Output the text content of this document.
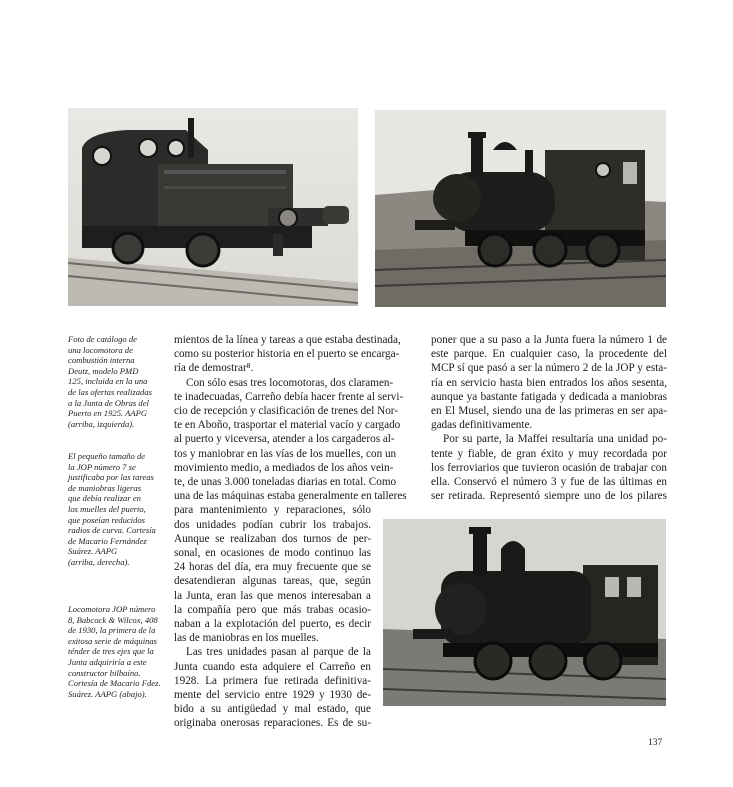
Foto de catálogo de

una locomotora de

combustión interna

Deutz, modelo PMD

125, incluida en la una

de las ofertas realizadas

a la Junta de Obras del

Puerto en 1925. AAPG

(arriba, izquierda).

El pequeño tamaño de

la JOP número 7 se

justificaba por las tareas

de maniobras ligeras

que debía realizar en

los muelles del puerto,

que poseían reducidos

radios de curva. Cortesía

de Macario Fernández

Suárez. AAPG

(arriba, derecha).

Locomotora JOP número

8, Babcock & Wilcox, 408

de 1930, la primera de la

exitosa serie de máquinas

ténder de tres ejes que la

Junta adquiriría a este

constructor bilbaíno.

Cortesía de Macario Fdez.

Suárez. AAPG (abajo).

mientos de la línea y tareas a que estaba destinada,
como su posterior historia en el puerto se encarga-
ría de demostrar⁸.
Con sólo esas tres locomotoras, dos claramen-
te inadecuadas, Carreño debía hacer frente al servi-
cio de recepción y clasificación de trenes del Nor-
te en Aboño, trasportar el material vacío y cargado
al puerto y viceversa, atender a los cargaderos al-
tos y maniobrar en las vías de los muelles, con un
movimiento medio, a mediados de los años vein-
te, de unas 3.000 toneladas diarias en total. Como
una de las máquinas estaba generalmente en talleres
para mantenimiento y reparaciones, sólo
dos unidades podían cubrir los trabajos.
Aunque se realizaban dos turnos de per-
sonal, en ocasiones de modo continuo las
24 horas del día, era muy frecuente que se
desatendieran algunas tareas, que, según
la Junta, eran las que menos interesaban a
la compañía pero que más trabas ocasio-
naban a la explotación del puerto, es decir
las de maniobras en los muelles.
Las tres unidades pasan al parque de la
Junta cuando esta adquiere el Carreño en
1928. La primera fue retirada definitiva-
mente del servicio entre 1929 y 1930 de-
bido a su antigüedad y mal estado, que
originaba onerosas reparaciones. Es de su-
poner que a su paso a la Junta fuera la número 1 de
este parque. En cualquier caso, la procedente del
MCP sí que pasó a ser la número 2 de la JOP y esta-
ría en servicio hasta bien entrados los años sesenta,
aunque ya bastante fatigada y dedicada a maniobras
en El Musel, siendo una de las primeras en ser apa-
gadas definitivamente.
Por su parte, la Maffei resultaría una unidad po-
tente y fiable, de gran éxito y muy recordada por
los ferroviarios que tuvieron ocasión de trabajar con
ella. Conservó el número 3 y fue de las últimas en
ser retirada. Representó siempre uno de los pilares
137
